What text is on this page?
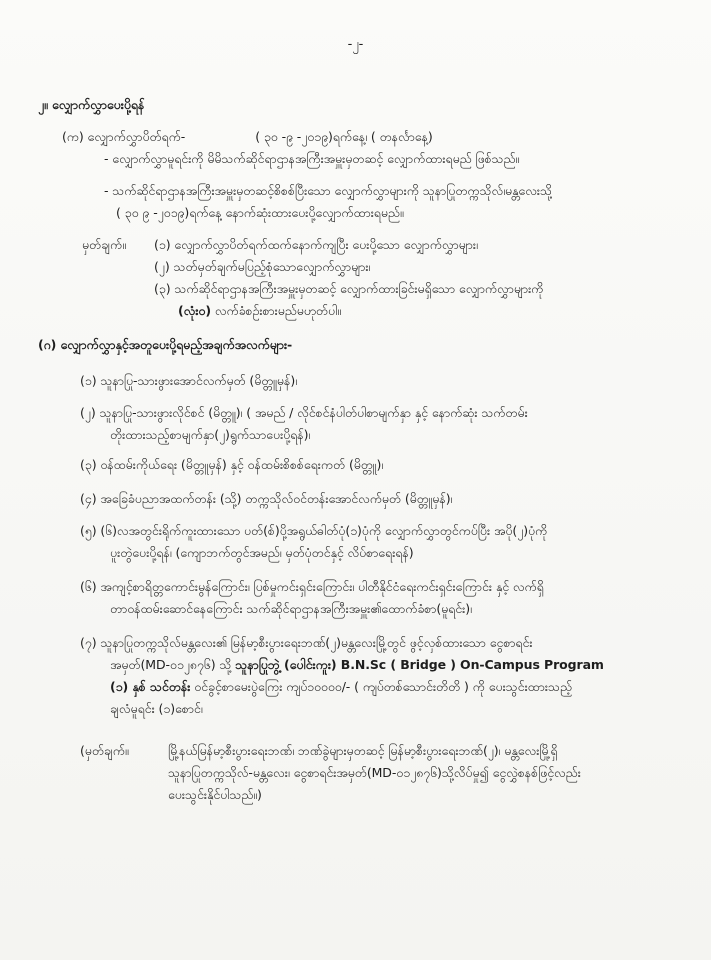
-၂-
၂။ လျှောက်လွှာပေးပို့ရန်
(က) လျှောက်လွှာပိတ်ရက်-	( ၃၀ -၉ -၂၀၁၉)ရက်နေ့၊ ( တနင်္လာနေ့)
- လျှောက်လွှာမူရင်းကို မိမိသက်ဆိုင်ရာဌာနအကြီးအမှူးမှတဆင့် လျှောက်ထားရမည် ဖြစ်သည်။
- သက်ဆိုင်ရာဌာနအကြီးအမှူးမှတဆင့်စိစစ်ပြီးသော လျှောက်လွှာများကို သူနာပြုတက္ကသိုလ်၊မန္တလေးသို့
( ၃၀ ၉ -၂၀၁၉)ရက်နေ့ နောက်ဆုံးထားပေးပို့လျှောက်ထားရမည်။
မှတ်ချက်။ (၁) လျှောက်လွှာပိတ်ရက်ထက်နောက်ကျပြီး ပေးပို့သော လျှောက်လွှာများ၊
(၂) သတ်မှတ်ချက်မပြည့်စုံသောလျှောက်လွှာများ၊
(၃) သက်ဆိုင်ရာဌာနအကြီးအမှူးမှတဆင့် လျှောက်ထားခြင်းမရှိသော လျှောက်လွှာများကို
(လုံး၀) လက်ခံစဉ်းစားမည်မဟုတ်ပါ။
(ဂ) လျှောက်လွှာနှင့်အတူပေးပို့ရမည့်အချက်အလက်များ-
(၁) သူနာပြု-သားဖွားအောင်လက်မှတ် (မိတ္တူမှန်)၊
(၂) သူနာပြု-သားဖွားလိုင်စင် (မိတ္တူ)၊ ( အမည် / လိုင်စင်နံပါတ်ပါစာမျက်နှာ နှင့် နောက်ဆုံး သက်တမ်း
တိုးထားသည့်စာမျက်နှာ(၂)ရွက်သာပေးပို့ရန်)၊
(၃) ၀န်ထမ်းကိုယ်ရေး (မိတ္တူမှန်) နှင့် ၀န်ထမ်းစိစစ်ရေးကတ် (မိတ္တူ)၊
(၄) အခြေခံပညာအထက်တန်း (သို့) တက္ကသိုလ်ဝင်တန်းအောင်လက်မှတ် (မိတ္တူမှန်)၊
(၅) (၆)လအတွင်းရိုက်ကူးထားသော ပတ်(စ်)ပို့အရွယ်ဓါတ်ပုံ(၁)ပုံကို လျှောက်လွှာတွင်ကပ်ပြီး အပို(၂)ပုံကို
ပူးတွဲပေးပို့ရန်၊ (ကျောဘက်တွင်အမည်၊ မှတ်ပုံတင်နှင့် လိပ်စာရေးရန်)
(၆) အကျင့်စာရိတ္တကောင်းမွန်ကြောင်း၊ ပြစ်မှုကင်းရှင်းကြောင်း၊ ပါတီနိုင်ငံရေးကင်းရှင်းကြောင်း နှင့် လက်ရှိ
တာဝန်ထမ်းဆောင်နေကြောင်း သက်ဆိုင်ရာဌာနအကြီးအမှူး၏ထောက်ခံစာ(မူရင်း)၊
(၇) သူနာပြုတက္ကသိုလ်မန္တလေး၏ မြန်မာ့စီးပွားရေးဘဏ်(၂)မန္တလေးမြို့တွင် ဖွင့်လှစ်ထားသော ငွေစာရင်း
အမှတ်(MD-၀၁၂၈၇၆) သို့ သူနာပြုဘွဲ့ (ပေါင်းကူး) B.N.Sc ( Bridge ) On-Campus Program
(၁) နှစ် သင်တန်း ဝင်ခွင့်စာမေးပွဲကြေး ကျပ်၁၀၀၀၀/- ( ကျပ်တစ်သောင်းတိတိ ) ကို ပေးသွင်းထားသည့်
ချလံမူရင်း (၁)စောင်၊
(မှတ်ချက်။	မြို့နယ်မြန်မာ့စီးပွားရေးဘဏ်၊ ဘဏ်ခွဲများမှတဆင့် မြန်မာ့စီးပွားရေးဘဏ်(၂)၊ မန္တလေးမြို့ရှိ
သူနာပြုတက္ကသိုလ်-မန္တလေး၊ ငွေစာရင်းအမှတ်(MD-၀၁၂၈၇၆)သို့လိပ်မှု၍ ငွေလွှဲစနစ်ဖြင့်လည်း
ပေးသွင်းနိုင်ပါသည်။)
